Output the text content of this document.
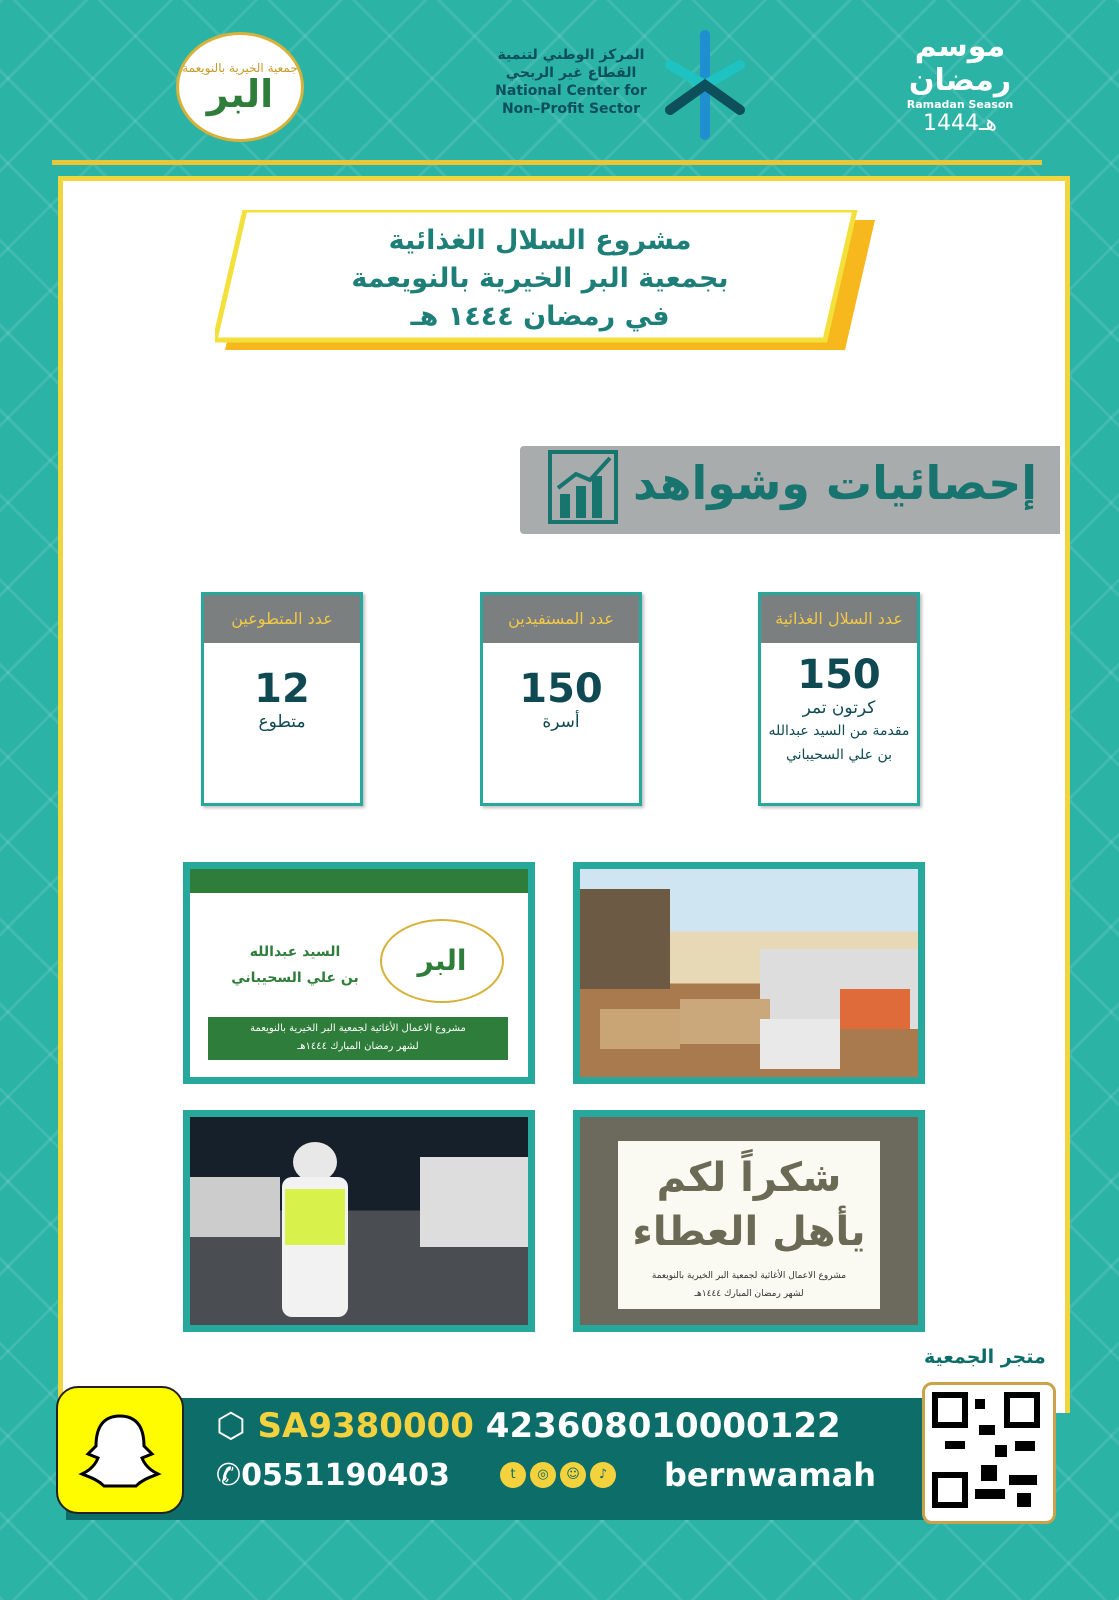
جمعية الخيرية بالنويعمة
البر
المركز الوطني لتنمية
القطاع غير الربحي
National Center for
Non–Profit Sector
موسم
رمضان
Ramadan Season
1444هـ
مشروع السلال الغذائية
بجمعية البر الخيرية بالنويعمة
في رمضان ١٤٤٤ هـ
إحصائيات وشواهد
عدد السلال الغذائية
150
كرتون تمر
مقدمة من السيد عبدالله
بن علي السحيباني
عدد المستفيدين
150
أسرة
عدد المتطوعين
12
متطوع
السيد عبدالله
بن علي السحيباني
البر
مشروع الاعمال الأغاثية لجمعية البر الخيرية بالنويعمة
لشهر رمضان المبارك ١٤٤٤هـ
شكراً لكم
يأهل العطاء
مشروع الاعمال الأغاثية لجمعية البر الخيرية بالنويعمة
لشهر رمضان المبارك ١٤٤٤هـ
متجر الجمعية
⬡ SA9380000 423608010000122
✆0551190403	t	◎	☺	♪ bernwamah
